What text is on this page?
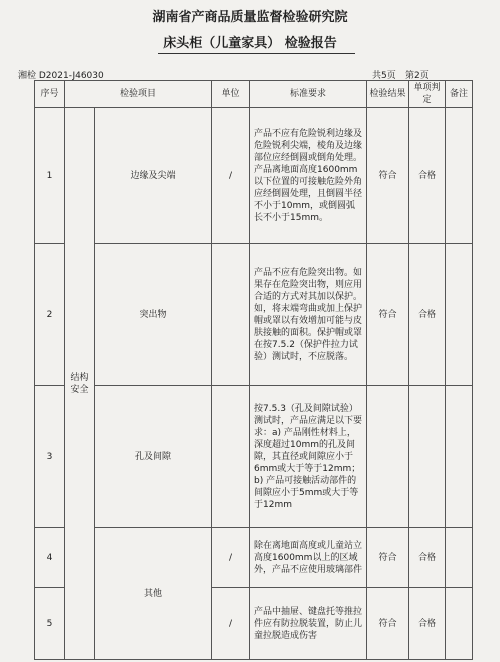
湖南省产商品质量监督检验研究院
床头柜（儿童家具） 检验报告
湘检 D2021-J46030	共5页 第2页
序号	检验项目		单位	标准要求	检验结果	单项判定	备注
1	结构安全	边缘及尖端	/	产品不应有危险锐利边缘及危险锐利尖端，棱角及边缘部位应经倒圆或倒角处理。产品离地面高度1600mm以下位置的可接触危险外角应经倒圆处理，且倒圆半径不小于10mm，或倒圆弧长不小于15mm。	符合	合格	
2		突出物		产品不应有危险突出物。如果存在危险突出物，则应用合适的方式对其加以保护。如，将末端弯曲或加上保护帽或罩以有效增加可能与皮肤接触的面积。保护帽或罩在按7.5.2（保护件拉力试验）测试时，不应脱落。	符合	合格	
3		孔及间隙		按7.5.3（孔及间隙试验）测试时，产品应满足以下要求：a) 产品刚性材料上，深度超过10mm的孔及间隙，其直径或间隙应小于6mm或大于等于12mm；b) 产品可接触活动部件的间隙应小于5mm或大于等于12mm			
4		其他	/	除在离地面高度或儿童站立高度1600mm以上的区域外，产品不应使用玻璃部件	符合	合格	
5			/	产品中抽屉、键盘托等推拉件应有防拉脱装置，防止儿童拉脱造成伤害	符合	合格	
